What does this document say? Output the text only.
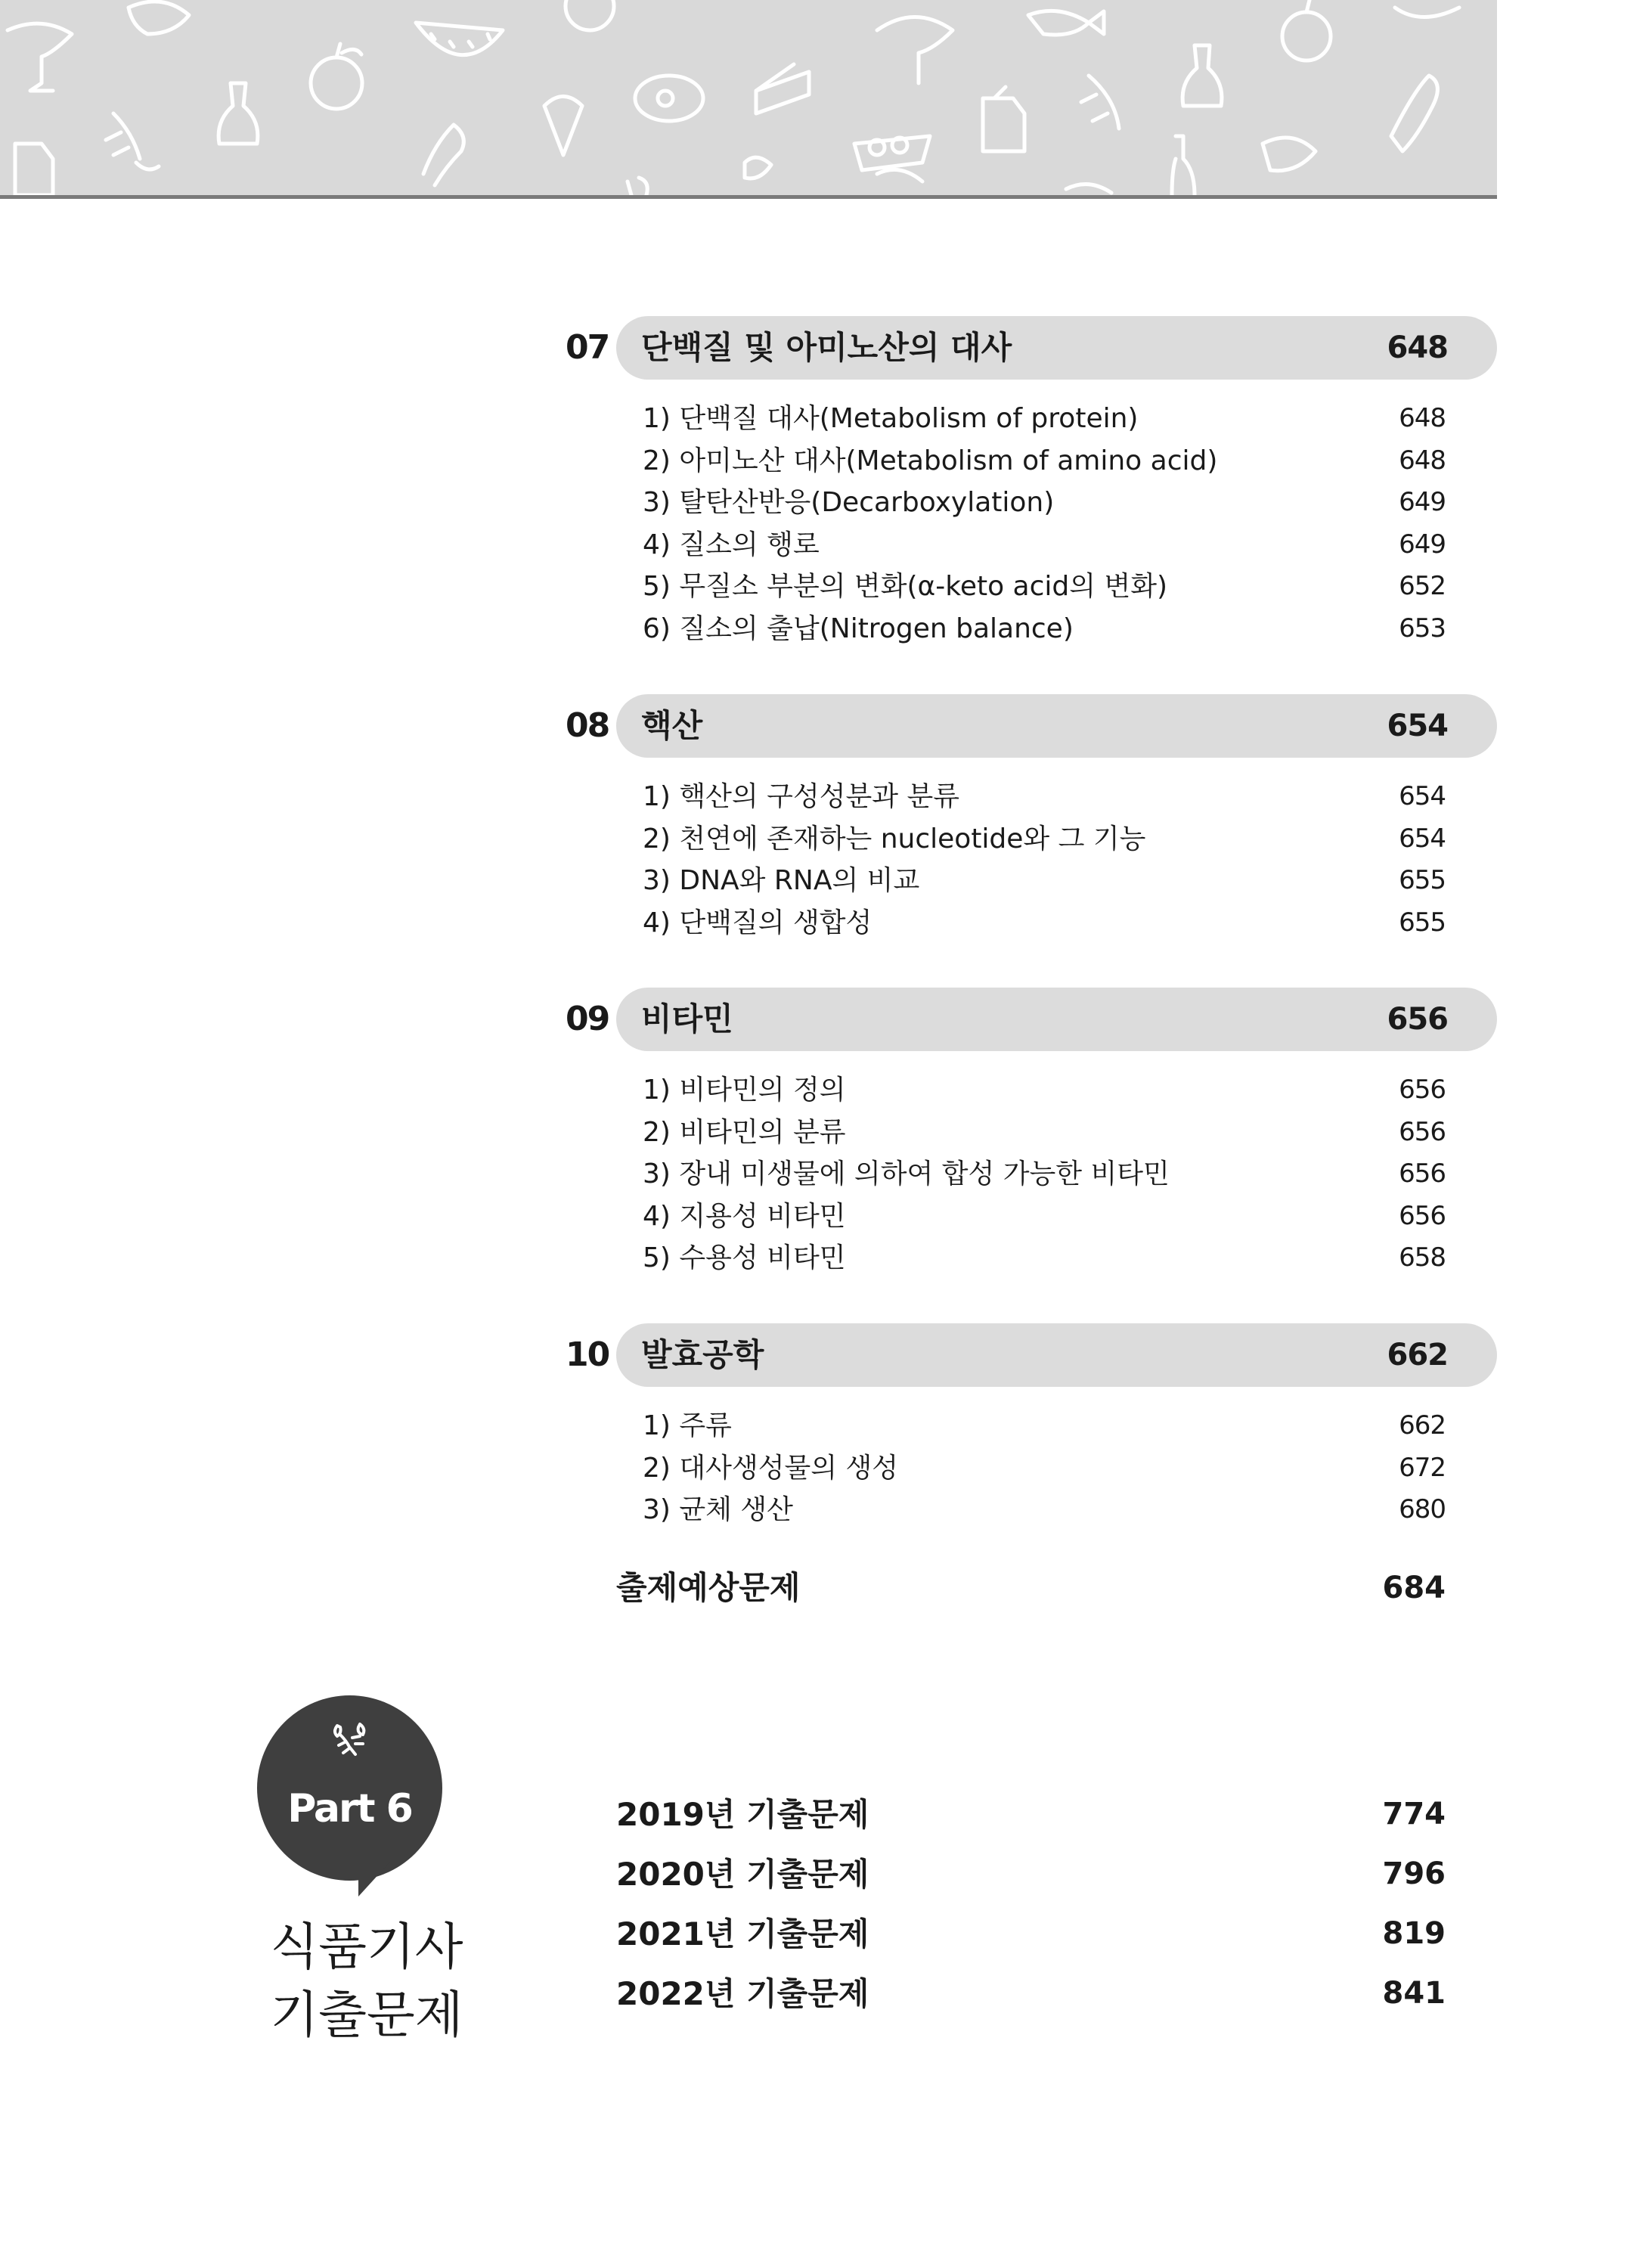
07 단백질 및 아미노산의 대사	648
1) 단백질 대사(Metabolism of protein)	648
2) 아미노산 대사(Metabolism of amino acid)	648
3) 탈탄산반응(Decarboxylation)	649
4) 질소의 행로	649
5) 무질소 부분의 변화(α-keto acid의 변화)	652
6) 질소의 출납(Nitrogen balance)	653
08 핵산	654
1) 핵산의 구성성분과 분류	654
2) 천연에 존재하는 nucleotide와 그 기능	654
3) DNA와 RNA의 비교	655
4) 단백질의 생합성	655
09 비타민	656
1) 비타민의 정의	656
2) 비타민의 분류	656
3) 장내 미생물에 의하여 합성 가능한 비타민	656
4) 지용성 비타민	656
5) 수용성 비타민	658
10 발효공학	662
1) 주류	662
2) 대사생성물의 생성	672
3) 균체 생산	680
출제예상문제	684
Part 6
식품기사
기출문제
2019년 기출문제	774
2020년 기출문제	796
2021년 기출문제	819
2022년 기출문제	841
